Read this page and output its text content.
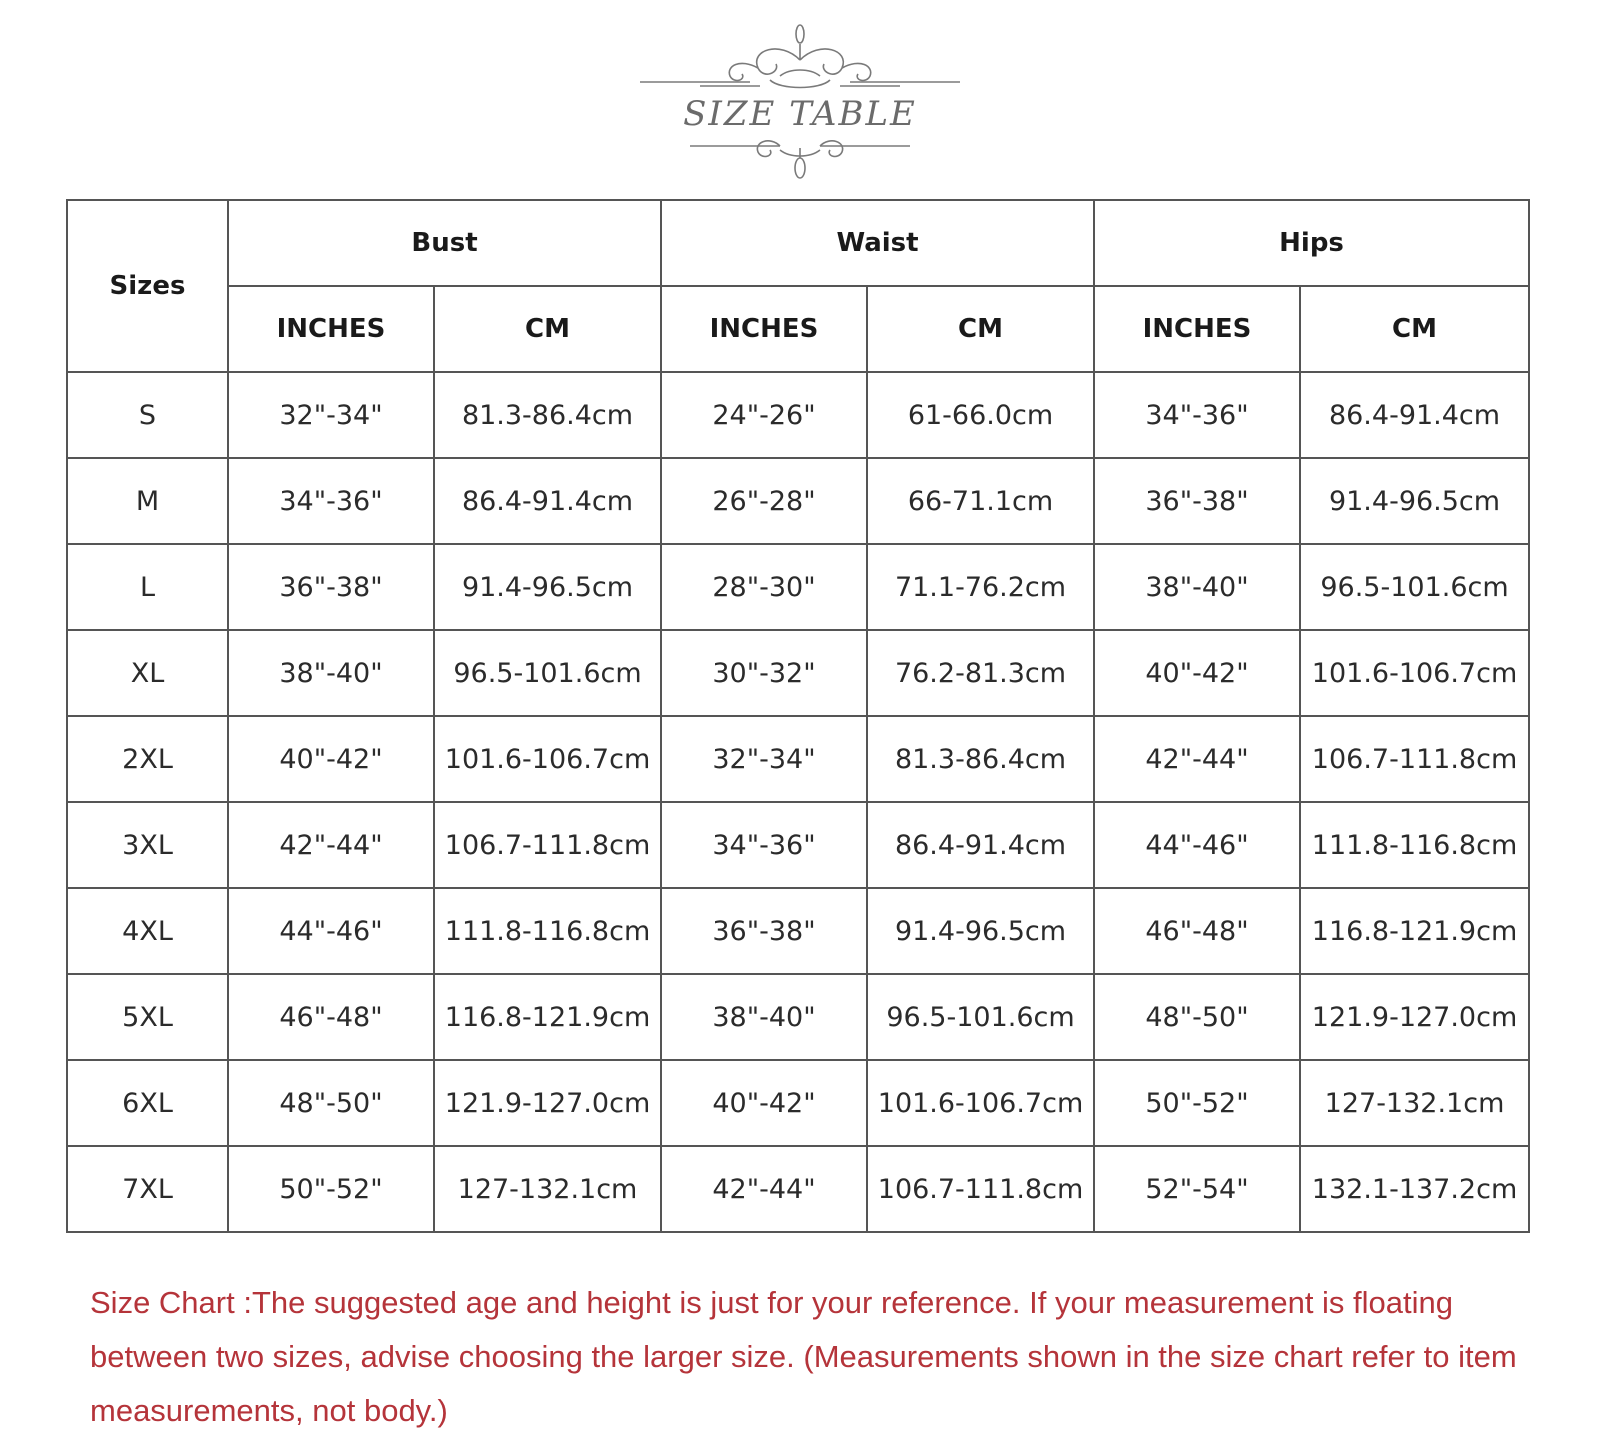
SIZE TABLE
Sizes	Bust		Waist		Hips	
	INCHES	CM	INCHES	CM	INCHES	CM
S	32"-34"	81.3-86.4cm	24"-26"	61-66.0cm	34"-36"	86.4-91.4cm
M	34"-36"	86.4-91.4cm	26"-28"	66-71.1cm	36"-38"	91.4-96.5cm
L	36"-38"	91.4-96.5cm	28"-30"	71.1-76.2cm	38"-40"	96.5-101.6cm
XL	38"-40"	96.5-101.6cm	30"-32"	76.2-81.3cm	40"-42"	101.6-106.7cm
2XL	40"-42"	101.6-106.7cm	32"-34"	81.3-86.4cm	42"-44"	106.7-111.8cm
3XL	42"-44"	106.7-111.8cm	34"-36"	86.4-91.4cm	44"-46"	111.8-116.8cm
4XL	44"-46"	111.8-116.8cm	36"-38"	91.4-96.5cm	46"-48"	116.8-121.9cm
5XL	46"-48"	116.8-121.9cm	38"-40"	96.5-101.6cm	48"-50"	121.9-127.0cm
6XL	48"-50"	121.9-127.0cm	40"-42"	101.6-106.7cm	50"-52"	127-132.1cm
7XL	50"-52"	127-132.1cm	42"-44"	106.7-111.8cm	52"-54"	132.1-137.2cm
Size Chart :The suggested age and height is just for your reference. If your measurement is floating between two sizes, advise choosing the larger size. (Measurements shown in the size chart refer to item measurements, not body.)
